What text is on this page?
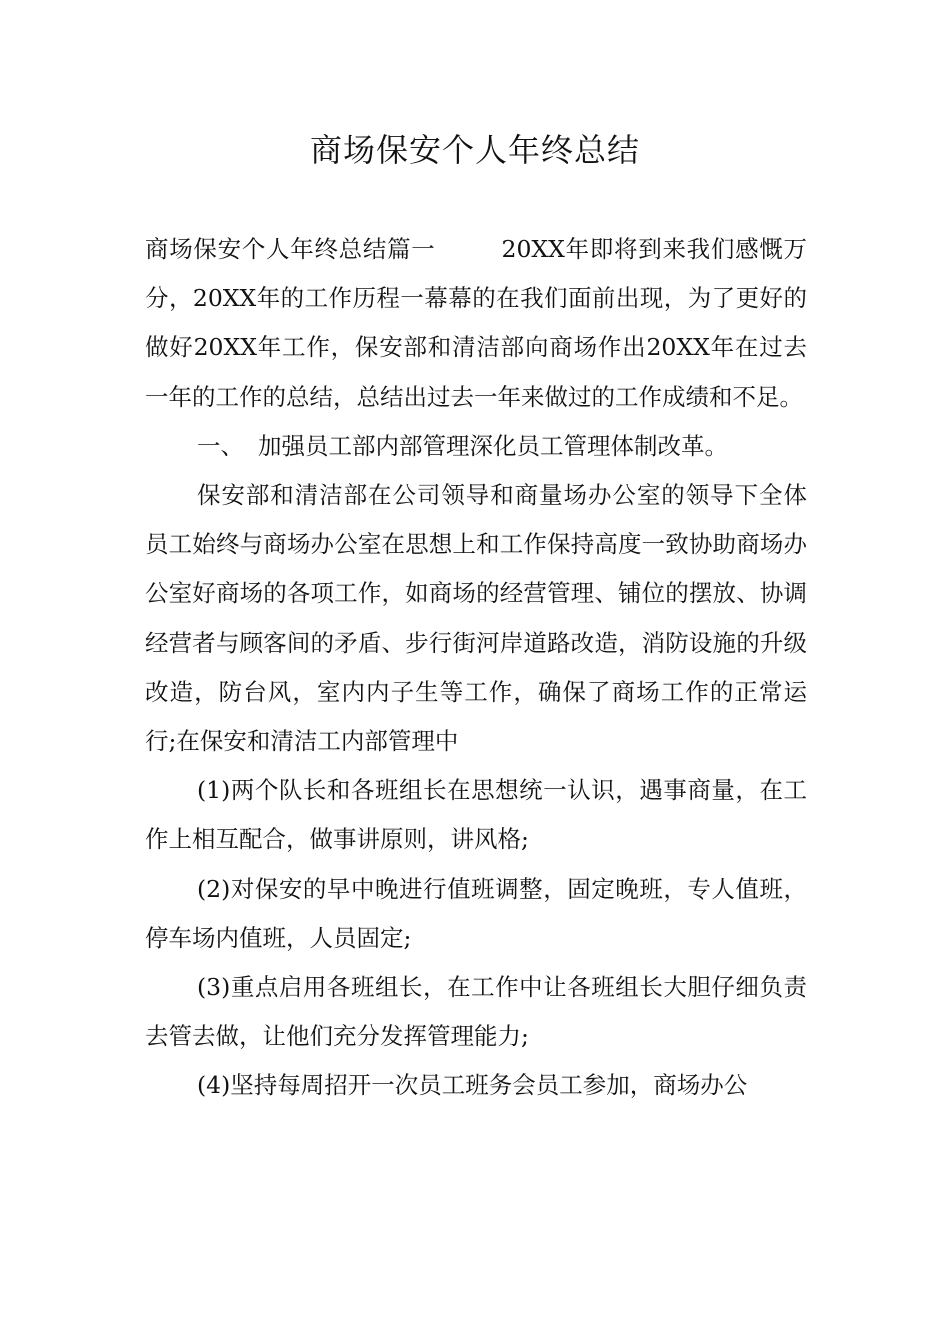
商场保安个人年终总结

商场保安个人年终总结篇一	20XX年即将到来我们感慨万分，20XX年的工作历程一幕幕的在我们面前出现，为了更好的做好20XX年工作，保安部和清洁部向商场作出20XX年在过去一年的工作的总结，总结出过去一年来做过的工作成绩和不足。

一、 加强员工部内部管理深化员工管理体制改革。

保安部和清洁部在公司领导和商量场办公室的领导下全体员工始终与商场办公室在思想上和工作保持高度一致协助商场办公室好商场的各项工作，如商场的经营管理、铺位的摆放、协调经营者与顾客间的矛盾、步行街河岸道路改造，消防设施的升级改造，防台风，室内内子生等工作，确保了商场工作的正常运行;在保安和清洁工内部管理中

(1)两个队长和各班组长在思想统一认识，遇事商量，在工作上相互配合，做事讲原则，讲风格;

(2)对保安的早中晚进行值班调整，固定晚班，专人值班，停车场内值班，人员固定;

(3)重点启用各班组长，在工作中让各班组长大胆仔细负责去管去做，让他们充分发挥管理能力;

(4)坚持每周招开一次员工班务会员工参加，商场办公
